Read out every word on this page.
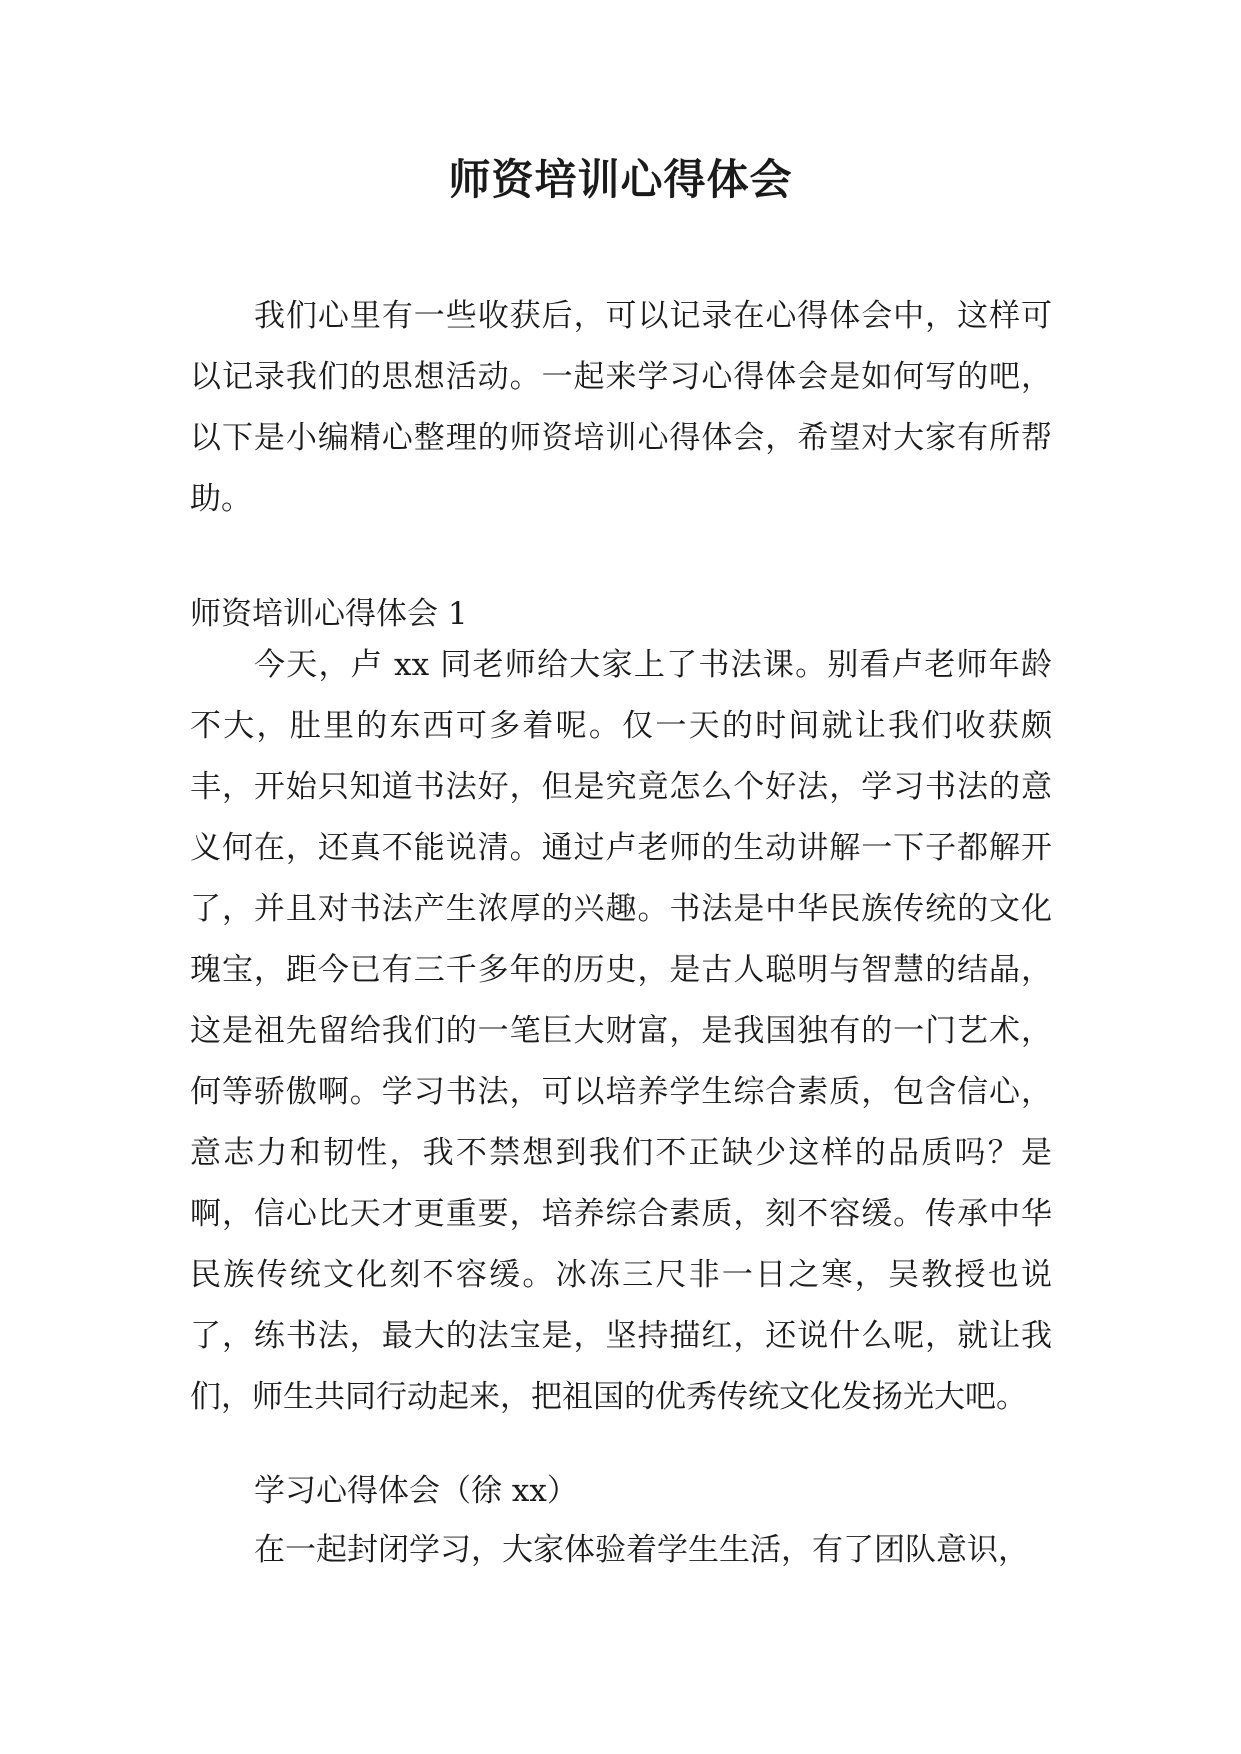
师资培训心得体会

我们心里有一些收获后，可以记录在心得体会中，这样可以记录我们的思想活动。一起来学习心得体会是如何写的吧，以下是小编精心整理的师资培训心得体会，希望对大家有所帮助。

师资培训心得体会 1

今天，卢 xx 同老师给大家上了书法课。别看卢老师年龄不大，肚里的东西可多着呢。仅一天的时间就让我们收获颇丰，开始只知道书法好，但是究竟怎么个好法，学习书法的意义何在，还真不能说清。通过卢老师的生动讲解一下子都解开了，并且对书法产生浓厚的兴趣。书法是中华民族传统的文化瑰宝，距今已有三千多年的历史，是古人聪明与智慧的结晶，这是祖先留给我们的一笔巨大财富，是我国独有的一门艺术，何等骄傲啊。学习书法，可以培养学生综合素质，包含信心，意志力和韧性，我不禁想到我们不正缺少这样的品质吗？是啊，信心比天才更重要，培养综合素质，刻不容缓。传承中华民族传统文化刻不容缓。冰冻三尺非一日之寒，吴教授也说了，练书法，最大的法宝是，坚持描红，还说什么呢，就让我们，师生共同行动起来，把祖国的优秀传统文化发扬光大吧。

学习心得体会（徐 xx）

在一起封闭学习，大家体验着学生生活，有了团队意识，
